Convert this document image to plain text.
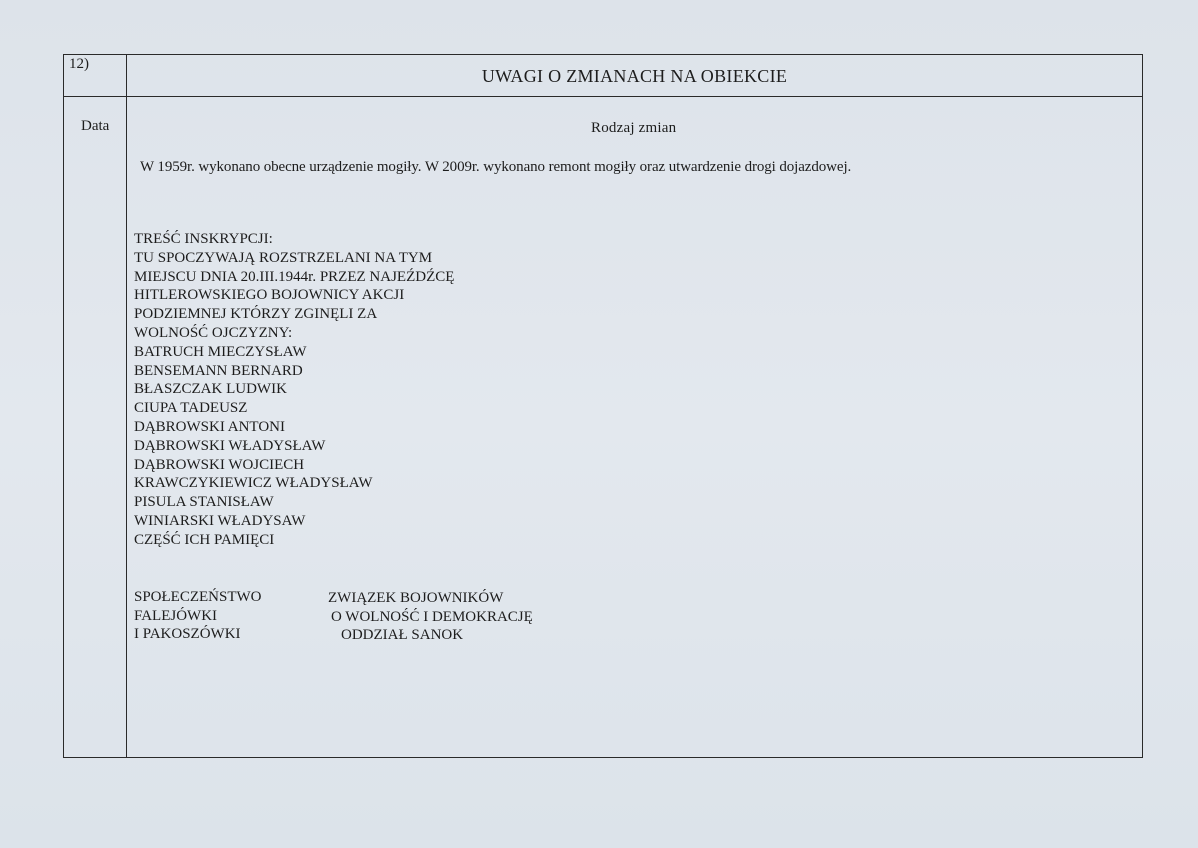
12)
UWAGI O ZMIANACH NA OBIEKCIE
Data	Rodzaj zmian
W 1959r. wykonano obecne urządzenie mogiły. W 2009r. wykonano remont mogiły oraz utwardzenie drogi dojazdowej.
TREŚĆ INSKRYPCJI:
TU SPOCZYWAJĄ ROZSTRZELANI NA TYM
MIEJSCU DNIA 20.III.1944r. PRZEZ NAJEŹDŹCĘ
HITLEROWSKIEGO BOJOWNICY AKCJI
PODZIEMNEJ KTÓRZY ZGINĘLI ZA
WOLNOŚĆ OJCZYZNY:
BATRUCH MIECZYSŁAW
BENSEMANN BERNARD
BŁASZCZAK LUDWIK
CIUPA TADEUSZ
DĄBROWSKI ANTONI
DĄBROWSKI WŁADYSŁAW
DĄBROWSKI WOJCIECH
KRAWCZYKIEWICZ WŁADYSŁAW
PISULA STANISŁAW
WINIARSKI WŁADYSAW
CZĘŚĆ ICH PAMIĘCI
SPOŁECZEŃSTWO
FALEJÓWKI
I PAKOSZÓWKI
ZWIĄZEK BOJOWNIKÓW
O WOLNOŚĆ I DEMOKRACJĘ
ODDZIAŁ SANOK
